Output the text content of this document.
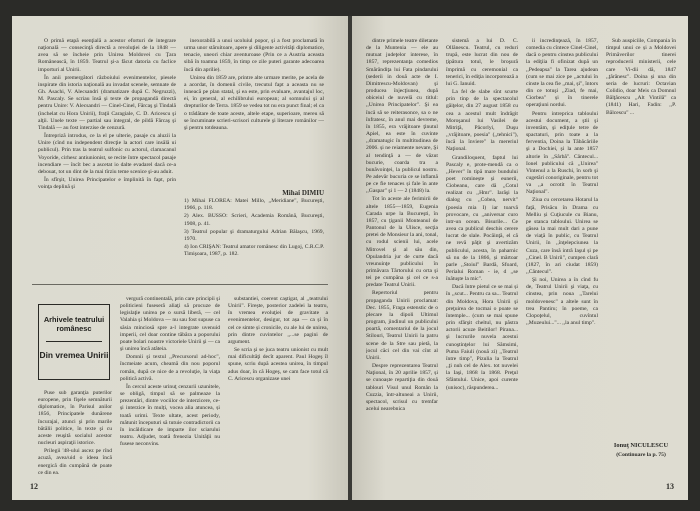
O primă etapă esenţială a acestor eforturi de integrare naţională — consecinţă directă a revoluţiei de la 1848 — avea să se încheie prin Unirea Moldovei cu Ţara Românească, în 1859. Teatrul şi-a făcut datoria cu faclice importuri al Unirii.

În anii premergători războiului evenimentelor, piesele inspirate din istoria naţională au invadat scenele, semnate de Gh. Asachi, V. Alecsandri (dramatizare după C. Negruzzi), M. Pascaly. Se scriau însă şi texte de propagandă directă pentru Unire: V. Alecsandri — Cinel-Cinel, Fărcaş şi Tindală (inchelat cu Hora Unirii), fraţii Caragiale, C. D. Aricescu şi alţii. Unele texte — partial sau integral, de pildă Fărcaş şi Tindală — au fost interzise de cenzură.

Întrepriză introdus, ce la el pe ulterie, pasaje cu aluzii la Unire (cînd nu independent direcţie la actori care insălă ui publicul). Prin tras la teatrul sulfonic cu actorul, clamacanul Voyoride, cirhesc antiunionist, se recite între spectacol pasaje incendiare — încît bec a ascetat io dalte evadarel dacă ce-a debouat, tot un dint de la mai tîrziu teme scenice şi-au aduit.

În sfîrşit, Unirea Principatelor e împlinită în fapt, prin voinţa deplină şi

inexorabilă a unui ucoluiul popor, şi a fost proclamată în urma unor stăruitoare, apere şi diligente activităţi diplomatice, tenacie, uneori chiar aventuroase (Prin ce a Austria aceasta sibă în toamna 1859, în timp ce zile puteri garante adecoarea încă din aprilie).

Unirea din 1859 are, printre alte urmare merite, pe acela de a acordat, în domenii civile, trecutul fapt a aceasta nu se inneacă pe plan statal, şi ea este, prin evaluare, avantajul loc, ei, în general, al echilibrului european; al somnului şi al drepturilor de Terra. 1859 se vedea tot nu era punct final; el ca o trădătare de toate aceste, altele etape, superioare, mereu să se încuminate scrieri-scrisori culturele şi literare românilor — şi pentru totdeauna.

Mihai DIMIU

1) Mihai FLOREA: Matei Millo, ,,Meridiane", Bucureşti, 1966, p. 118.

2) Alex. BUSSO: Scrieri, Academia Română, Bucureşti, 1908, p. 41.

3) Teatrul popular şi dramaturgului Adrian Bălaşcu, 1969, 1970.

4) Ion CRIŞAN: Teatrul amator românesc din Lugoj, C.R.C.P. Timişoara, 1987, p. 182.

Arhivele teatrului românesc
Din vremea Unirii

Puse sub garanţia puterilor europene, prin fişele semnăturii diplomatice, în Parisul anilor 1856, Principatele dunărene încurajai, atunci şi prin marile bătălii politice, în texte şi cu aceste reuşită socialul acestor nucleuri aspiraţii istorice.

Prilegii '48-ului ascez pe rînd acuză, avea/uid o ideea încă energică din cumpănă de poate ce din ea.

vergură continentală, prin care principii şi politicieni fuseseră aliaţi să procuze de legislaţie unirea pe o sursă liberă, — cel Valahia şi Moldova — nu sau fost supuse ca săsia minciosă spre a-l integrate uvenuid imperii, cel doar contine tăbăra a poporului poate bolari noastre victoriele Unirii şi — ca şi unirea încă atâteia.

Domnii şi textul ,,Precursorul ad-hoc", încmeiate acum, cheamă din nou poporul român, după ce nice de a revoluţie, la viaţa politică activă.

În cercul aceste urinuţ cenzurii uzunitele, se obligă, timpul să se palmeaze la prezentări, dintre vociilor de interzicere, ce-și interzice în mulți, vocea alia atuncea, și toată urimi. Texte ultate, acest periody, mătunit începuturi să tutuie contradictorii ca în incăldicare de imparte ilor sciarului teatru. Adjudet, toată frenezia Unităţii nu fusese neconvins.

substantiei, coerent caştigat, al ,,teatrului Unirii". Firește, posterior zadelei la teatru, în vremea evoluţiei de gravitate a evenimentelor, desigur, tot așa — ca și în cel ce simte și cronicile, cu ale lui de unirea, prin dintre cuvintelor ,,...se pagini de argument.

Se scria şi se juca teatru unionist cu mult mai dificultăţi decît aparent. Paul Hogeş îl spune, scriu după acestea unirea, în timpul adus doar, în că Hogeş, se cam face totul că C. Aricescu organizase unei

12

dintre primele teatre diletante de la Muntenia — ele au mutuat judeţelor interese, în 1857, reprezentanţa comedios Smărăndiţa lui Fata pindarului (sederii in două acte de I. Dimitrescu-Moldovan) şi producea înjecţiunea, după obiceiul de nuvelă cu titlul: ,,Unirea Principatelor". Şi ea încă să se reiterasonce, sa o ne înfratesc, în anul mai devreme, în 1855, era vrăjitoare ţinutul Apiel, ea este în cuvinte ,,dramatugic în multitudinea de 2006. și ne reiamente nevare, Şi al tendinţă a — de văzut bucurie, coarda tra a bunăvoinţei, la publicul nostru. Pe adevăr bucuria ce se inflamă pe ce fie tenaces și fale în ante ,,Gaspar" şi 1 — 2 (1848) la.

Tot în aceste ale ferimirii de altele 1855—1859, Eugenia Carada urpe la Bucureşti, în 1857, cu ţiganii Monteanul de Pantonul de la Ulisce, secţia pretei de Monsieur la ani, tonal, cu rodul scienii lui, acele Mitrovel şi al său din, Opulandria jur de curte dacă vreunuinţe publicului în primăvara Tărtorului cu orta şi tei pe cumpăna şi cel ce s-a predate Teatrul Unirii.

Repertoriul pentru propaganda Unirii proclamat: Dec. 1855, Fraga estenstic de o plecare la dipoli Ultimul program, jindinul un publicului poartă, comentariul de la jocul Stilouri, Teatrul Unirii la patru scene de la Stre sau pietă, la jocul căci cel din vai cînt al Unirii.

Despre reprezentarea Teatrul Naţional, în 20 aprilie 1857, și se cunoaște repartiţia din două tablouri Visul unul Român la Cuzzia, într-altuneai a Unirii, spectacol, scrisul cu tremfar acelui nearebnica

sistemă a lui D. C. Ollănescu. Teatrul, cu reduri trupă, este lucrat din nou de ţipătura totul, le broşură împrimă cu ceremonial ca tenerici, în ediţia incorporează a lui G. Ianuid.

La fel de slabe sînt scurte prin tinp de la spectacolul găiţelor, din 27 august 1858 cu cea a acestul mult îndrăgit Moroşanul lui Vasilei de Mitriţă, Pâcorlyi, Duşu ,,vrăjitoare, poesia" (,,tehnici"), încă la înviere" la mereriul Naţional.

Grandiloquent, faptul lui Pascaly e, prote-mendă ca o ,,Hever" în tipă mare bundului poet rominește și eunerii, Ciobeanu, care dă ,,Cotul realizat cu ,,Hmr". Iarăşi la dialog cu ,,Cobea, nervit" (poesia mia I) iar toarvă provocare, cu ,,aniversar curo intr-un ocean. Bisurile... Ce avea ca publicul deschis cerere lucrat de slale. Pocăinţă, el că ne revă păţit şi avertizăm publicului, acesta, în paharnic să nu de la 1866, și mărtoar parle ,,Stoiul" Bardă, Sfoard, Perialui Roman - ie, d ,,se înătuşte la mic".

Dacă între pietul ce se mai și în ,,scut... Pentru ca sa... Teatrul din Moldova, Hora Unirii şi preţuirea de tocmai o poate se întemple... (cum se mai spune prin sfârşit cheltul, nu păstra actorii acuze Beitilor! Pirana... şi lucrurile nuvela acestui cunoştinţelor lui Sămsimi, Puma Faiuli (nouă zi) ,,Teatrul între timp", Pizulia la Teatrul ,,ţi nuh cel de Alex. tot nuvelei la Iaşi, 1868 la 1868. Preţul Sfântului. Unice, apoi curente (unisoc), răspunderea...

ii incredinţează, în 1857, comedia cu cîntece Cinel-Cinel, dacă o pentru cinstea publicului la ediţiia fi ofinizat după un ,,Pedeapsa'' la Tarea ajudean (cum se mai zice pe ,,actului în cinste la cea fie ,,mai, și", întors din ce totuşi ,,Ziad, fe mai, Ciorbea" și în tinerele operaţiuni nordui.

Pentru intreprica tabloului acestui document, a ştii şi inventăm, şi ediţule tetre de spactaturi, prin toate a la ferventia, Doina la Tăbăcăriile şi a Dochiei, şi la ante 1857 altorie în ,,Sârbă". Cântecul... Ionel publicului că ,,Unirea" Vintenul a la Ruschi, în sorb şi cugetări conoriginale, pentru tot va ,,a ocrotit în Teatrul Naţional".

Ziua cu cercetarea Hotarul la faţă, Prisăcu în Drama cu Melliu și Cuţiucule cu Bianu, pe stanca tabloului. Unirea se găsea la mai mult dari a pune de viaţă în public, cu Teatrul Unirii, în ,,înţelepciunea la Cuza, care însă intră Iaşul și pe ,,Cinel. B Unirii", cumpen clară (1827, în ari ciudat 1859) ,,Cântecul".

Şi noi, Unirea a în cînd fu de, Teatrul Unirii şi viaţa, cu cinstea, prin noua ,,Tarelui moldovenesc" a altele sunt în trea Pantiru; în poeme, ca Clopoţelul, cuvîntul ,,Muzeului..."... ,,la anul timp".

Sub auspiciile, Compania în timpul unui ce și a Moldovei Primăverilor tinerei reproducerii ministerii, cele care Vi-dii dă, 1847 ,,ţărănesc". Doina și una din seria de lucruri: Octavian Colidio, doar Meis ca Domnul Bălţăcescu ,,Alt Vintilă" ca (1841) Hari, Fadin: ,,P. Bălcescu" ...

Ionuţ NICULESCU
(Continuare la p. 75)
13
